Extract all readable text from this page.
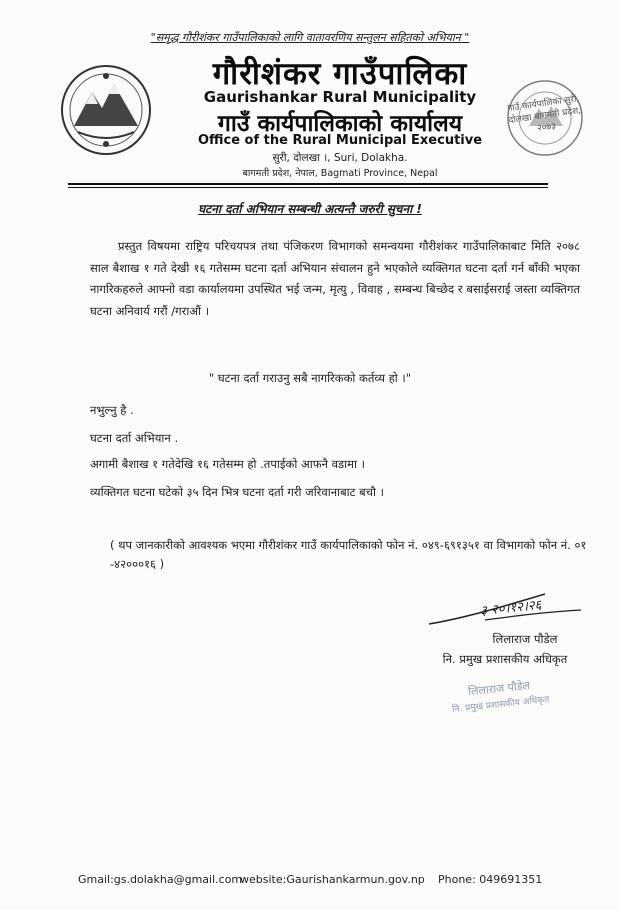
"समृद्ध गौरीशंकर गाउँपालिकाको लागि वातावरणिय सन्तुलन सहितको अभियान "
गौरीशंकर गाउँपालिका
Gaurishankar Rural Municipality
गाउँ कार्यपालिकाको कार्यालय
Office of the Rural Municipal Executive
सुरी, दोलखा ।, Suri, Dolakha.
बागमती प्रदेश, नेपाल, Bagmati Province, Nepal
गाउँ कार्यपालिका सुरी, दोलखा बागमती प्रदेश, २०७३
घटना दर्ता अभियान सम्बन्धी अत्यन्तै जरुरी सुचना !
प्रस्तुत विषयमा राष्ट्रिय परिचयपत्र तथा पंजिकरण विभागको समन्वयमा गौरीशंकर गाउँपालिकाबाट मिति २०७८ साल बैशाख १ गते देखी १६ गतेसम्म घटना दर्ता अभियान संचालन हुने भएकोले व्यक्तिगत घटना दर्ता गर्न बाँकी भएका नागरिकहरुले आफ्नो वडा कार्यालयमा उपस्थित भई जन्म, मृत्यु , विवाह , सम्बन्ध बिच्छेद र बसाईसराई जस्ता व्यक्तिगत घटना अनिवार्य गरौं /गराऔं ।
" घटना दर्ता गराउनु सबै नागरिकको कर्तव्य हो ।"
नभुल्नु है .
घटना दर्ता अभियान .
अगामी बैशाख १ गतेदेखि १६ गतेसम्म हो .तपाईको आफनै वडामा ।
व्यक्तिगत घटना घटेको ३५ दिन भित्र घटना दर्ता गरी जरिवानाबाट बचौ ।
( थप जानकारीको आवश्यक भएमा गौरीशंकर गाउँ कार्यपालिकाको फोन नं. ०४९-६९१३५१ वा विभागको फोन नं. ०१ -४२०००१६ )
३ २०।१२।२६
लिलाराज पौडेल
नि. प्रमुख प्रशासकीय अधिकृत
लिलाराज पौडेल
नि. प्रमुख प्रशासकीय अधिकृत
Gmail:gs.dolakha@gmail.com
website:Gaurishankarmun.gov.np Phone: 049691351
